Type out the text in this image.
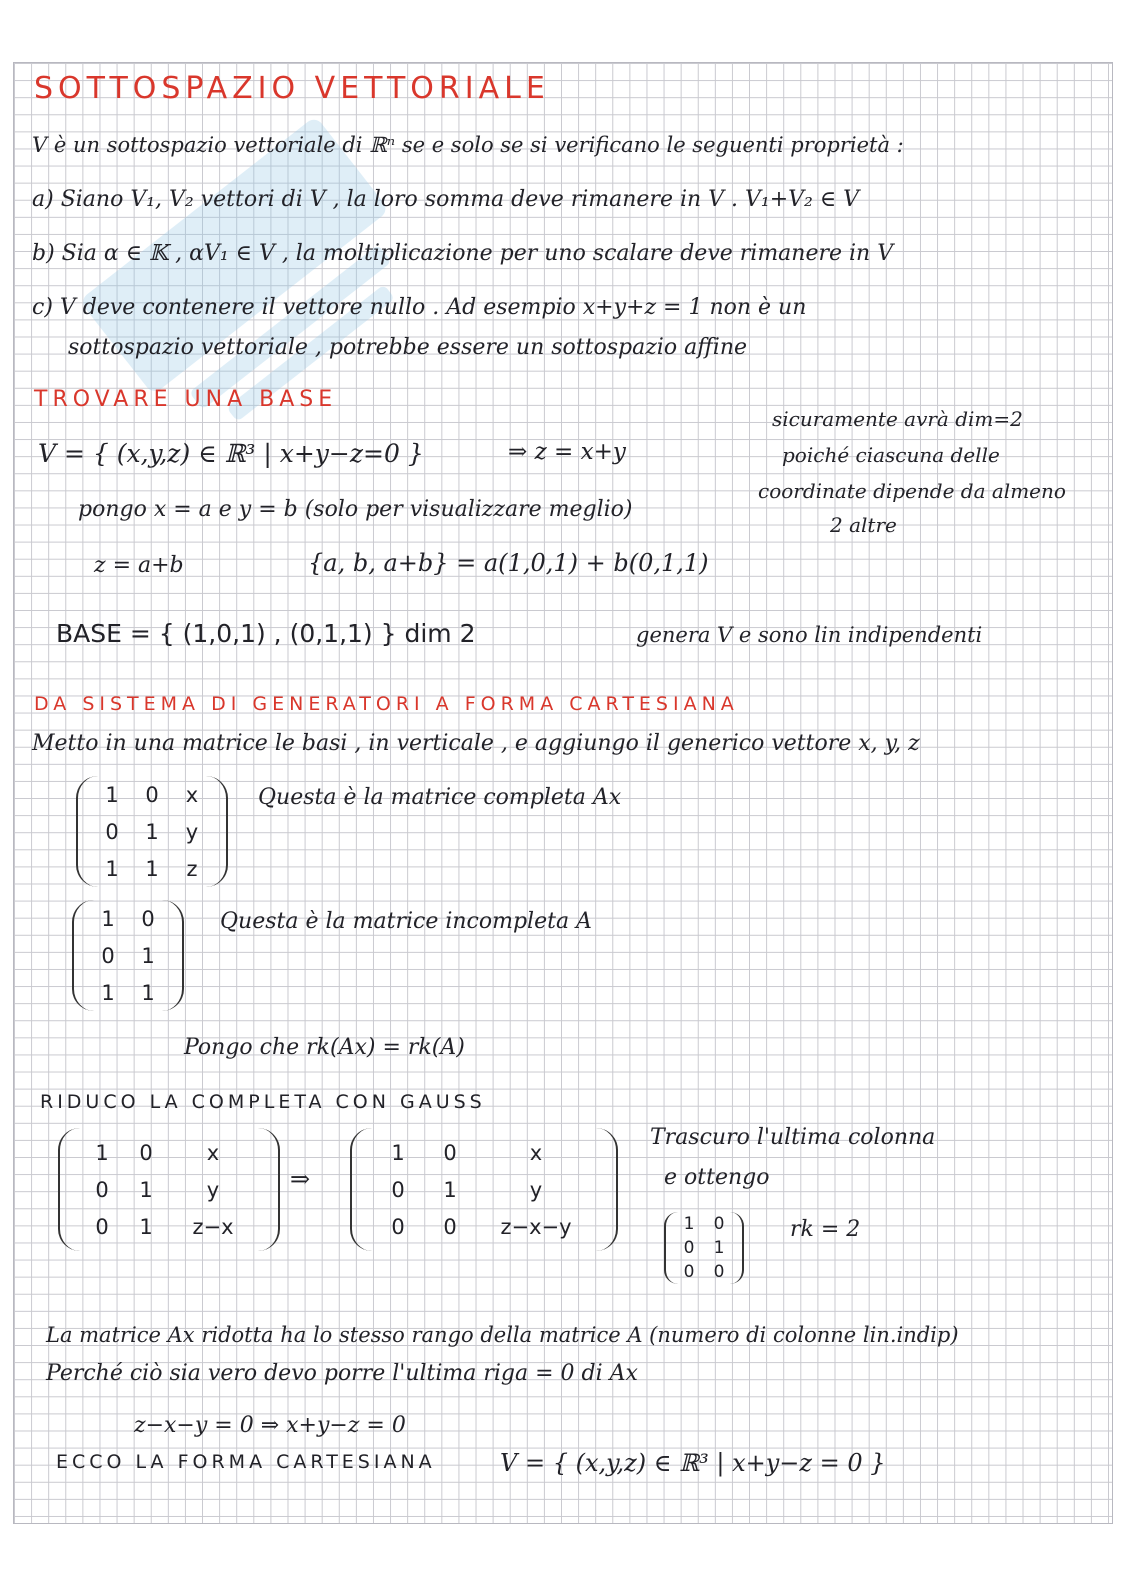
SOTTOSPAZIO VETTORIALE
V è un sottospazio vettoriale di ℝⁿ se e solo se si verificano le seguenti proprietà :
a) Siano V₁, V₂ vettori di V , la loro somma deve rimanere in V . V₁+V₂ ∈ V
b) Sia α ∈ 𝕂 , αV₁ ∈ V , la moltiplicazione per uno scalare deve rimanere in V
c) V deve contenere il vettore nullo . Ad esempio x+y+z = 1 non è un
sottospazio vettoriale , potrebbe essere un sottospazio affine
TROVARE UNA BASE
V = { (x,y,z) ∈ ℝ³ | x+y−z=0 }	⇒ z = x+y
sicuramente avrà dim=2
poiché ciascuna delle
coordinate dipende da almeno
2 altre
pongo x = a e y = b (solo per visualizzare meglio)
z = a+b	{a, b, a+b} = a(1,0,1) + b(0,1,1)
BASE = { (1,0,1) , (0,1,1) } dim 2	genera V e sono lin indipendenti
DA SISTEMA DI GENERATORI A FORMA CARTESIANA
Metto in una matrice le basi , in verticale , e aggiungo il generico vettore x, y, z
1 0 x
0 1 y
1 1 z
Questa è la matrice completa Ax
1 0
0 1
1 1
Questa è la matrice incompleta A
Pongo che rk(Ax) = rk(A)
RIDUCO LA COMPLETA CON GAUSS
1 0	x
0 1	y
0 1 z−x
⇒
1 0	x
0 1	y
0 0 z−x−y
Trascuro l'ultima colonna
e ottengo
1 0
0 1
0 0
rk = 2
La matrice Ax ridotta ha lo stesso rango della matrice A (numero di colonne lin.indip)
Perché ciò sia vero devo porre l'ultima riga = 0 di Ax
z−x−y = 0 ⇒ x+y−z = 0
ECCO LA FORMA CARTESIANA	V = { (x,y,z) ∈ ℝ³ | x+y−z = 0 }
